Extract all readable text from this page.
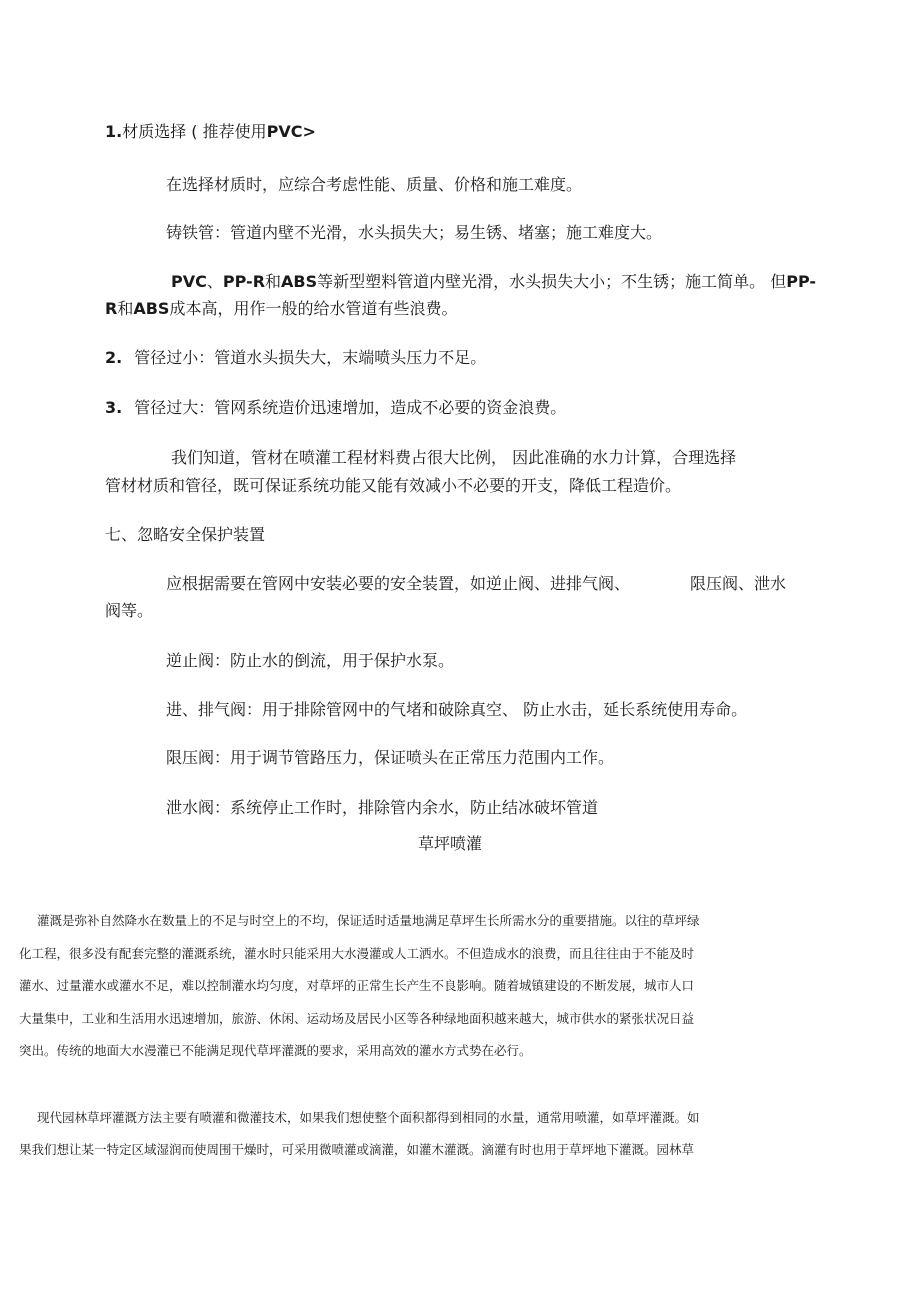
1.材质选择 ( 推荐使用PVC>
在选择材质时，应综合考虑性能、质量、价格和施工难度。
铸铁管：管道内壁不光滑，水头损失大；易生锈、堵塞；施工难度大。
PVC、PP-R和ABS等新型塑料管道内壁光滑，水头损失大小；不生锈；施工简单。 但PP-
R和ABS成本高，用作一般的给水管道有些浪费。
2. 管径过小：管道水头损失大，末端喷头压力不足。
3. 管径过大：管网系统造价迅速增加，造成不必要的资金浪费。
我们知道，管材在喷灌工程材料费占很大比例， 因此准确的水力计算，合理选择
管材材质和管径，既可保证系统功能又能有效减小不必要的开支，降低工程造价。
七、忽略安全保护装置
应根据需要在管网中安装必要的安全装置，如逆止阀、进排气阀、	限压阀、泄水
阀等。
逆止阀：防止水的倒流，用于保护水泵。
进、排气阀：用于排除管网中的气堵和破除真空、 防止水击，延长系统使用寿命。
限压阀：用于调节管路压力，保证喷头在正常压力范围内工作。
泄水阀：系统停止工作时，排除管内余水，防止结冰破坏管道
草坪喷灌
灌溉是弥补自然降水在数量上的不足与时空上的不均，保证适时适量地满足草坪生长所需水分的重要措施。以往的草坪绿
化工程，很多没有配套完整的灌溉系统，灌水时只能采用大水漫灌或人工洒水。不但造成水的浪费，而且往往由于不能及时
灌水、过量灌水或灌水不足，难以控制灌水均匀度，对草坪的正常生长产生不良影响。随着城镇建设的不断发展，城市人口
大量集中，工业和生活用水迅速增加，旅游、休闲、运动场及居民小区等各种绿地面积越来越大，城市供水的紧张状况日益
突出。传统的地面大水漫灌已不能满足现代草坪灌溉的要求，采用高效的灌水方式势在必行。
现代园林草坪灌溉方法主要有喷灌和微灌技术，如果我们想使整个面积都得到相同的水量，通常用喷灌，如草坪灌溉。如
果我们想让某一特定区域湿润而使周围干燥时，可采用微喷灌或滴灌，如灌木灌溉。滴灌有时也用于草坪地下灌溉。园林草
